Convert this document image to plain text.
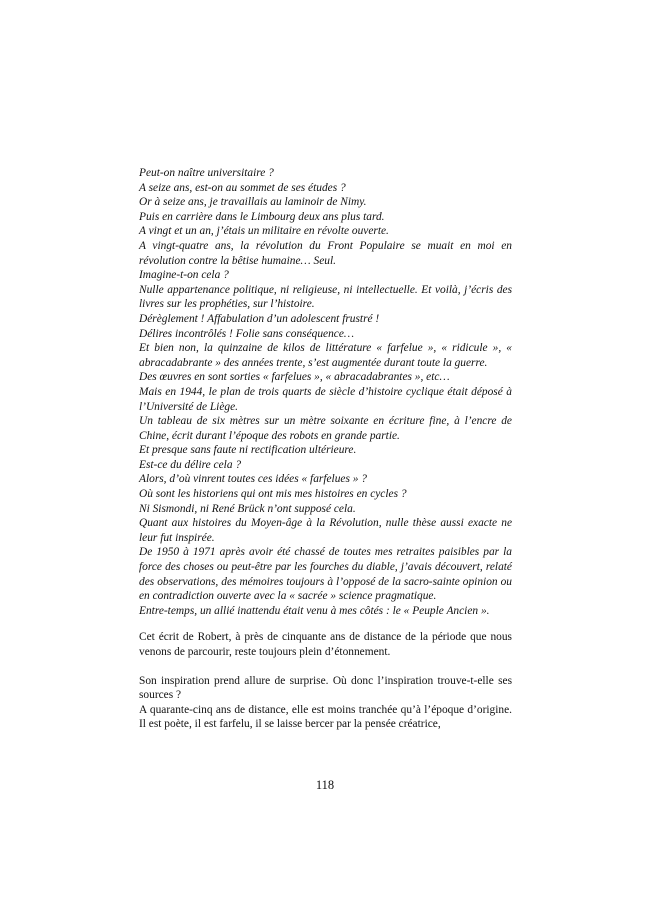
Peut-on naître universitaire ?

A seize ans, est-on au sommet de ses études ?

Or à seize ans, je travaillais au laminoir de Nimy.

Puis en carrière dans le Limbourg deux ans plus tard.

A vingt et un an, j’étais un militaire en révolte ouverte.

A vingt-quatre ans, la révolution du Front Populaire se muait en moi en révolution contre la bêtise humaine… Seul.

Imagine-t-on cela ?

Nulle appartenance politique, ni religieuse, ni intellectuelle. Et voilà, j’écris des livres sur les prophéties, sur l’histoire.

Dérèglement ! Affabulation d’un adolescent frustré !

Délires incontrôlés ! Folie sans conséquence…

Et bien non, la quinzaine de kilos de littérature « farfelue », « ridicule », « abracadabrante » des années trente, s’est augmentée durant toute la guerre.

Des œuvres en sont sorties « farfelues », « abracadabrantes », etc…

Mais en 1944, le plan de trois quarts de siècle d’histoire cyclique était déposé à l’Université de Liège.

Un tableau de six mètres sur un mètre soixante en écriture fine, à l’encre de Chine, écrit durant l’époque des robots en grande partie.

Et presque sans faute ni rectification ultérieure.

Est-ce du délire cela ?

Alors, d’où vinrent toutes ces idées « farfelues » ?

Où sont les historiens qui ont mis mes histoires en cycles ?

Ni Sismondi, ni René Brück n’ont supposé cela.

Quant aux histoires du Moyen-âge à la Révolution, nulle thèse aussi exacte ne leur fut inspirée.

De 1950 à 1971 après avoir été chassé de toutes mes retraites paisibles par la force des choses ou peut-être par les fourches du diable, j’avais découvert, relaté des observations, des mémoires toujours à l’opposé de la sacro-sainte opinion ou en contradiction ouverte avec la « sacrée » science pragmatique.

Entre-temps, un allié inattendu était venu à mes côtés : le « Peuple Ancien ».

Cet écrit de Robert, à près de cinquante ans de distance de la période que nous venons de parcourir, reste toujours plein d’étonnement.

Son inspiration prend allure de surprise. Où donc l’inspiration trouve-t-elle ses sources ?

A quarante-cinq ans de distance, elle est moins tranchée qu’à l’époque d’origine. Il est poète, il est farfelu, il se laisse bercer par la pensée créatrice,

118
